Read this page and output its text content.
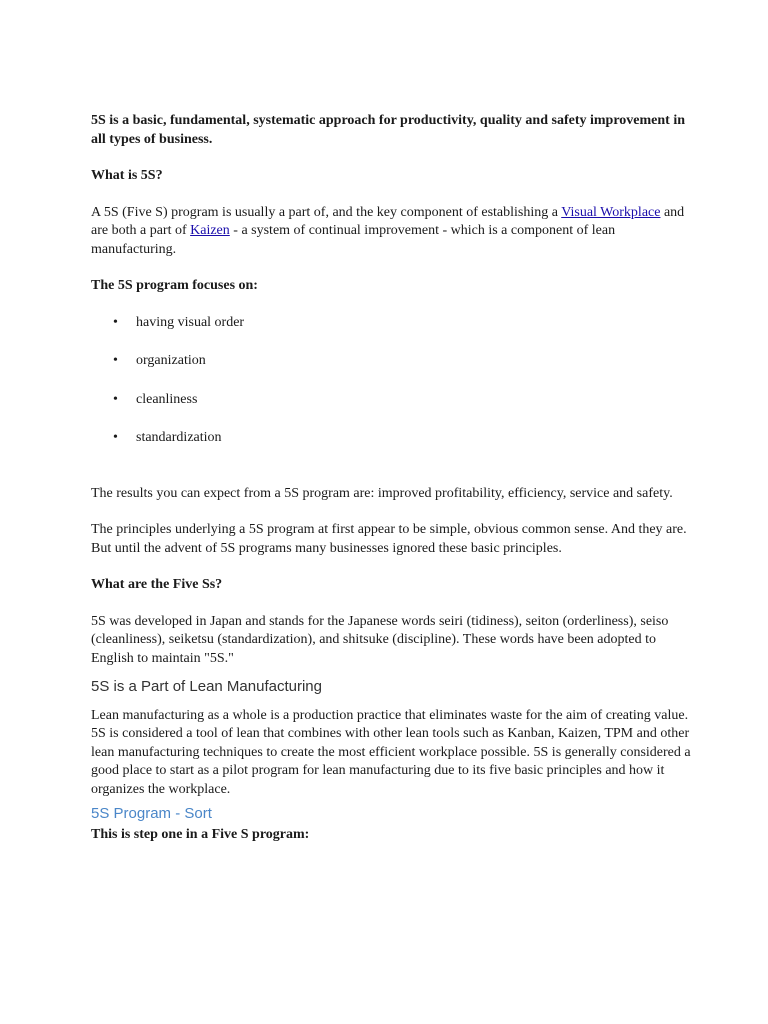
5S is a basic, fundamental, systematic approach for productivity, quality and safety improvement in all types of business.

What is 5S?

A 5S (Five S) program is usually a part of, and the key component of establishing a Visual Workplace and are both a part of Kaizen - a system of continual improvement - which is a component of lean manufacturing.

The 5S program focuses on:

• having visual order
• organization
• cleanliness
• standardization

The results you can expect from a 5S program are: improved profitability, efficiency, service and safety.

The principles underlying a 5S program at first appear to be simple, obvious common sense. And they are. But until the advent of 5S programs many businesses ignored these basic principles.

What are the Five Ss?

5S was developed in Japan and stands for the Japanese words seiri (tidiness), seiton (orderliness), seiso (cleanliness), seiketsu (standardization), and shitsuke (discipline). These words have been adopted to English to maintain "5S."

5S is a Part of Lean Manufacturing

Lean manufacturing as a whole is a production practice that eliminates waste for the aim of creating value. 5S is considered a tool of lean that combines with other lean tools such as Kanban, Kaizen, TPM and other lean manufacturing techniques to create the most efficient workplace possible. 5S is generally considered a good place to start as a pilot program for lean manufacturing due to its five basic principles and how it organizes the workplace.

5S Program - Sort

This is step one in a Five S program:
